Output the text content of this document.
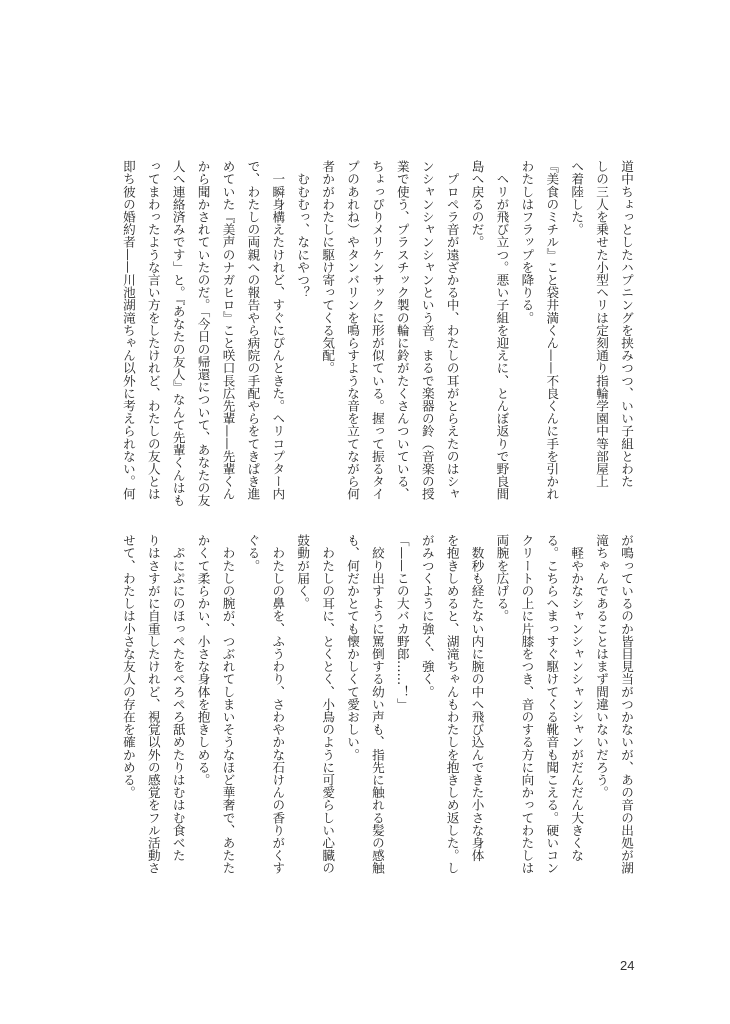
道中ちょっとしたハプニングを挟みつつ、いい子組とわた
しの三人を乗せた小型ヘリは定刻通り指輪学園中等部屋上
へ着陸した。
『美食のミチル』こと袋井満くん——不良くんに手を引かれ
わたしはフラップを降りる。
　ヘリが飛び立つ。悪い子組を迎えに、とんぼ返りで野良間
島へ戻るのだ。
　プロペラ音が遠ざかる中、わたしの耳がとらえたのはシャ
ンシャンシャンシャンという音。まるで楽器の鈴（音楽の授
業で使う、プラスチック製の輪に鈴がたくさんついている、
ちょっぴりメリケンサックに形が似ている。握って振るタイ
プのあれね）やタンバリンを鳴らすような音を立てながら何
者かがわたしに駆け寄ってくる気配。
　むむむっ、なにやつ？
　一瞬身構えたけれど、すぐにぴんときた。ヘリコプター内
で、わたしの両親への報告やら病院の手配やらをてきぱき進
めていた『美声のナガヒロ』こと咲口長広先輩——先輩くん
から聞かされていたのだ。「今日の帰還について、あなたの友
人へ連絡済みです」と。『あなたの友人』なんて先輩くんはも
ってまわったような言い方をしたけれど、わたしの友人とは
即ち彼の婚約者——川池湖滝ちゃん以外に考えられない。何
が鳴っているのか皆目見当がつかないが、あの音の出処が湖
滝ちゃんであることはまず間違いないだろう。
　軽やかなシャンシャンシャンシャンがだんだん大きくな
る。こちらへまっすぐ駆けてくる靴音も聞こえる。硬いコン
クリートの上に片膝をつき、音のする方に向かってわたしは
両腕を広げる。
　数秒も経たない内に腕の中へ飛び込んできた小さな身体
を抱きしめると、湖滝ちゃんもわたしを抱きしめ返した。し
がみつくように強く、強く。
「——この大バカ野郎……！」
　絞り出すように罵倒する幼い声も、指先に触れる髪の感触
も、何だかとても懐かしくて愛おしい。
　わたしの耳に、とくとく、小鳥のように可愛らしい心臓の
鼓動が届く。
　わたしの鼻を、ふうわり、さわやかな石けんの香りがくす
ぐる。
　わたしの腕が、つぶれてしまいそうなほど華奢で、あたた
かくて柔らかい、小さな身体を抱きしめる。
　ぷにぷにのほっぺたをぺろぺろ舐めたりはむはむ食べた
りはさすがに自重したけれど、視覚以外の感覚をフル活動さ
せて、わたしは小さな友人の存在を確かめる。
24
